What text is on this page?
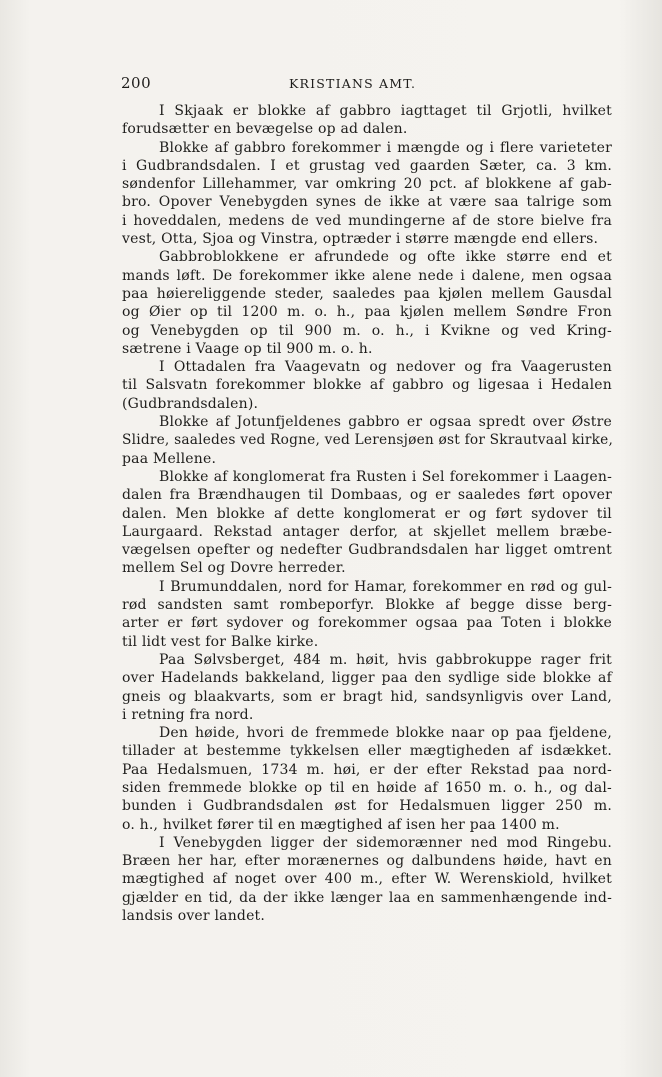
200	KRISTIANS AMT.
I Skjaak er blokke af gabbro iagttaget til Grjotli, hvilket
forudsætter en bevægelse op ad dalen.
Blokke af gabbro forekommer i mængde og i flere varieteter
i Gudbrandsdalen. I et grustag ved gaarden Sæter, ca. 3 km.
søndenfor Lillehammer, var omkring 20 pct. af blokkene af gab-
bro. Opover Venebygden synes de ikke at være saa talrige som
i hoveddalen, medens de ved mundingerne af de store bielve fra
vest, Otta, Sjoa og Vinstra, optræder i større mængde end ellers.
Gabbroblokkene er afrundede og ofte ikke større end et
mands løft. De forekommer ikke alene nede i dalene, men ogsaa
paa høiereliggende steder, saaledes paa kjølen mellem Gausdal
og Øier op til 1200 m. o. h., paa kjølen mellem Søndre Fron
og Venebygden op til 900 m. o. h., i Kvikne og ved Kring-
sætrene i Vaage op til 900 m. o. h.
I Ottadalen fra Vaagevatn og nedover og fra Vaagerusten
til Salsvatn forekommer blokke af gabbro og ligesaa i Hedalen
(Gudbrandsdalen).
Blokke af Jotunfjeldenes gabbro er ogsaa spredt over Østre
Slidre, saaledes ved Rogne, ved Lerensjøen øst for Skrautvaal kirke,
paa Mellene.
Blokke af konglomerat fra Rusten i Sel forekommer i Laagen-
dalen fra Brændhaugen til Dombaas, og er saaledes ført opover
dalen. Men blokke af dette konglomerat er og ført sydover til
Laurgaard. Rekstad antager derfor, at skjellet mellem bræbe-
vægelsen opefter og nedefter Gudbrandsdalen har ligget omtrent
mellem Sel og Dovre herreder.
I Brumunddalen, nord for Hamar, forekommer en rød og gul-
rød sandsten samt rombeporfyr. Blokke af begge disse berg-
arter er ført sydover og forekommer ogsaa paa Toten i blokke
til lidt vest for Balke kirke.
Paa Sølvsberget, 484 m. høit, hvis gabbrokuppe rager frit
over Hadelands bakkeland, ligger paa den sydlige side blokke af
gneis og blaakvarts, som er bragt hid, sandsynligvis over Land,
i retning fra nord.
Den høide, hvori de fremmede blokke naar op paa fjeldene,
tillader at bestemme tykkelsen eller mægtigheden af isdækket.
Paa Hedalsmuen, 1734 m. høi, er der efter Rekstad paa nord-
siden fremmede blokke op til en høide af 1650 m. o. h., og dal-
bunden i Gudbrandsdalen øst for Hedalsmuen ligger 250 m.
o. h., hvilket fører til en mægtighed af isen her paa 1400 m.
I Venebygden ligger der sidemorænner ned mod Ringebu.
Bræen her har, efter morænernes og dalbundens høide, havt en
mægtighed af noget over 400 m., efter W. Werenskiold, hvilket
gjælder en tid, da der ikke længer laa en sammenhængende ind-
landsis over landet.
